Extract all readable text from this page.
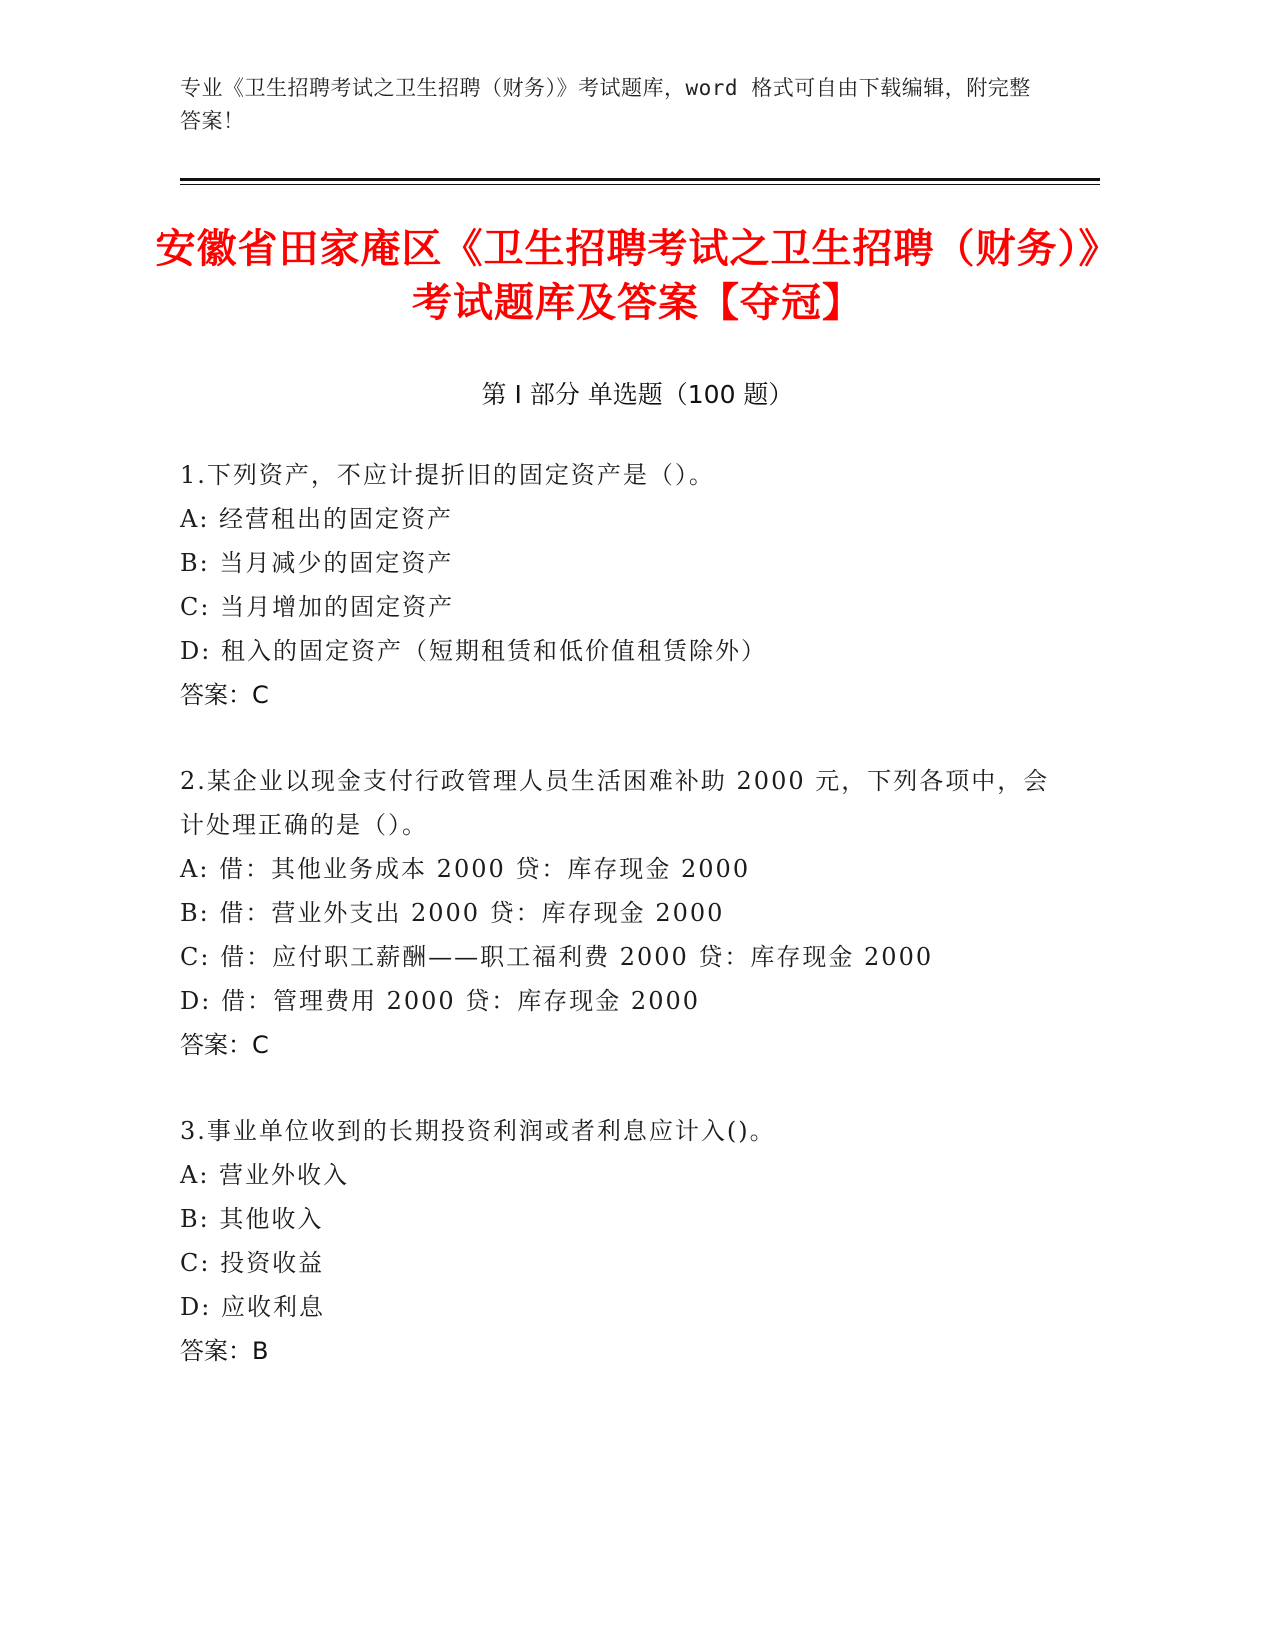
专业《卫生招聘考试之卫生招聘（财务）》考试题库，word 格式可自由下载编辑，附完整答案！
安徽省田家庵区《卫生招聘考试之卫生招聘（财务）》考试题库及答案【夺冠】
第 I 部分 单选题（100 题）
1.下列资产，不应计提折旧的固定资产是（）。
A: 经营租出的固定资产
B: 当月减少的固定资产
C: 当月增加的固定资产
D: 租入的固定资产（短期租赁和低价值租赁除外）
答案：C
2.某企业以现金支付行政管理人员生活困难补助 2000 元，下列各项中，会计处理正确的是（）。
A: 借：其他业务成本 2000 贷：库存现金 2000
B: 借：营业外支出 2000 贷：库存现金 2000
C: 借：应付职工薪酬——职工福利费 2000 贷：库存现金 2000
D: 借：管理费用 2000 贷：库存现金 2000
答案：C
3.事业单位收到的长期投资利润或者利息应计入()。
A: 营业外收入
B: 其他收入
C: 投资收益
D: 应收利息
答案：B
